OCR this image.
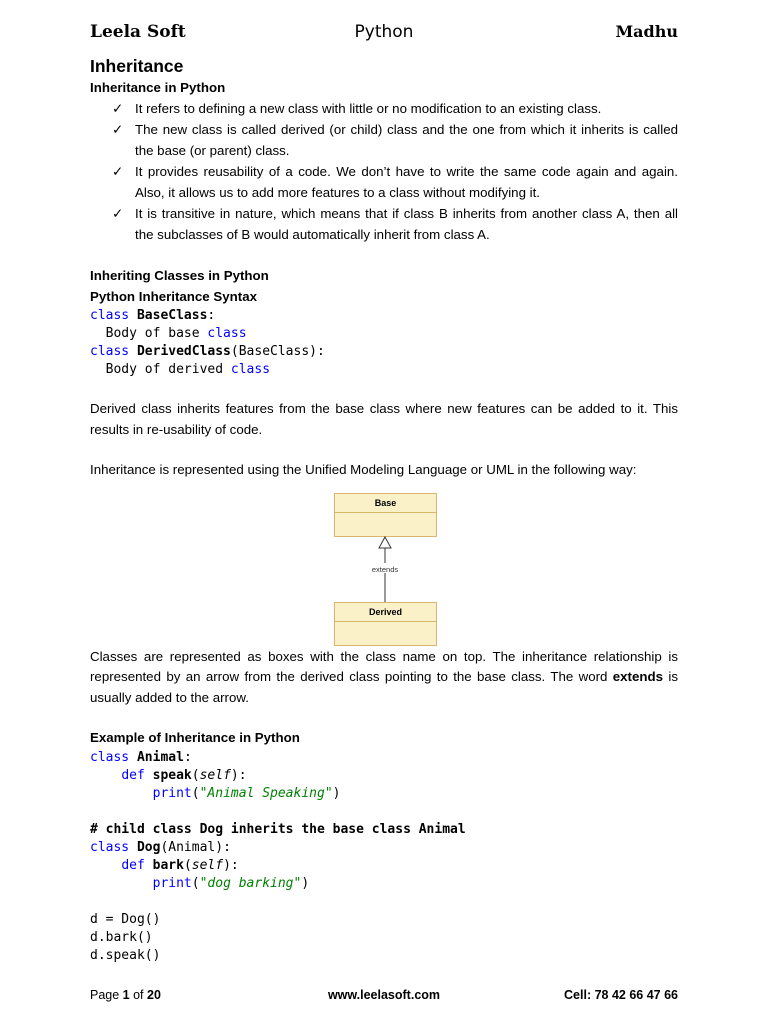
Leela Soft	Python	Madhu

Inheritance

Inheritance in Python

✓ It refers to defining a new class with little or no modification to an existing class.
✓ The new class is called derived (or child) class and the one from which it inherits is called the base (or parent) class.
✓ It provides reusability of a code. We don’t have to write the same code again and again. Also, it allows us to add more features to a class without modifying it.
✓ It is transitive in nature, which means that if class B inherits from another class A, then all the subclasses of B would automatically inherit from class A.

Inheriting Classes in Python

Python Inheritance Syntax

class BaseClass:
Body of base class
class DerivedClass(BaseClass):
Body of derived class

Derived class inherits features from the base class where new features can be added to it. This results in re-usability of code.

Inheritance is represented using the Unified Modeling Language or UML in the following way:

Base
extends
Derived

Classes are represented as boxes with the class name on top. The inheritance relationship is represented by an arrow from the derived class pointing to the base class. The word extends is usually added to the arrow.

Example of Inheritance in Python

class Animal:
def speak(self):
print("Animal Speaking")

# child class Dog inherits the base class Animal
class Dog(Animal):
def bark(self):
print("dog barking")

d = Dog()
d.bark()
d.speak()
Page 1 of 20	www.leelasoft.com	Cell: 78 42 66 47 66
